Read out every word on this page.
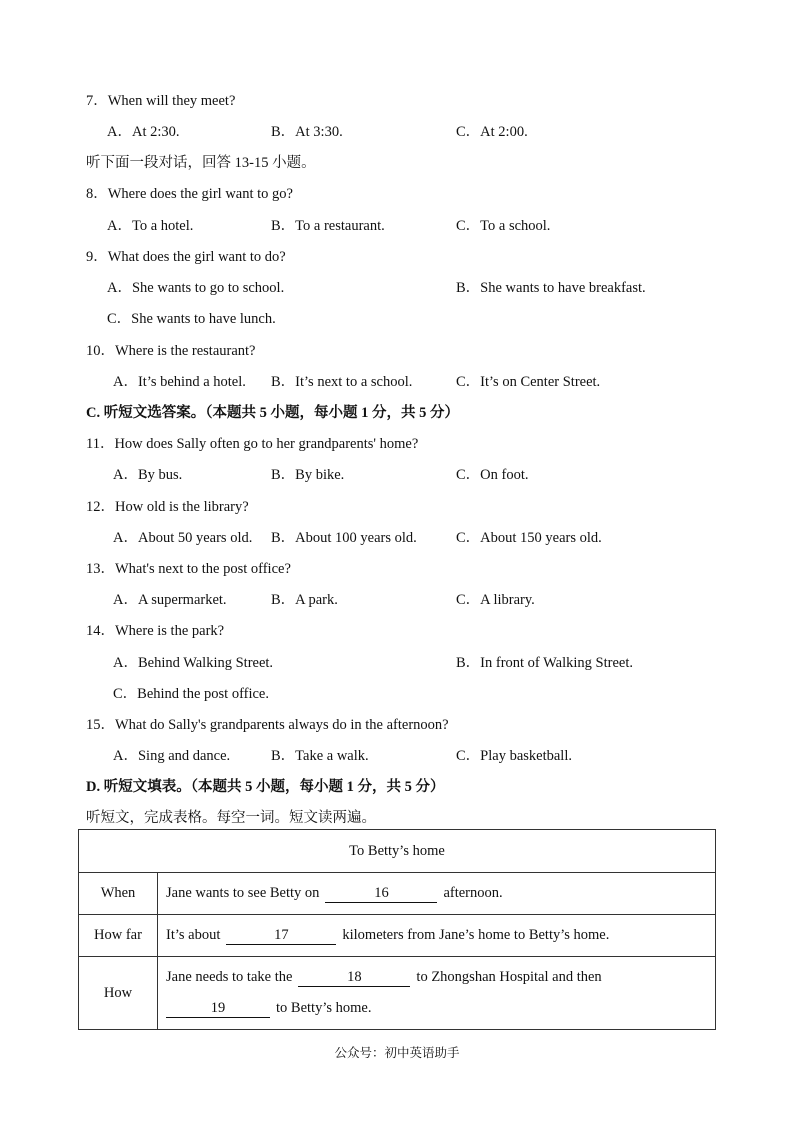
7．When will they meet?
A．At 2:30.	B．At 3:30.	C．At 2:00.
听下面一段对话，回答 13-15 小题。
8．Where does the girl want to go?
A．To a hotel.	B．To a restaurant.	C．To a school.
9．What does the girl want to do?
A．She wants to go to school.	B．She wants to have breakfast.
C．She wants to have lunch.
10．Where is the restaurant?
A．It’s behind a hotel. B．It’s next to a school.	C．It’s on Center Street.
C. 听短文选答案。（本题共 5 小题，每小题 1 分，共 5 分）
11．How does Sally often go to her grandparents' home?
A．By bus.	B．By bike.	C．On foot.
12．How old is the library?
A．About 50 years old. B．About 100 years old.	C．About 150 years old.
13．What's next to the post office?
A．A supermarket.	B．A park.	C．A library.
14．Where is the park?
A．Behind Walking Street.	B．In front of Walking Street.
C．Behind the post office.
15．What do Sally's grandparents always do in the afternoon?
A．Sing and dance.	B．Take a walk.	C．Play basketball.
D. 听短文填表。（本题共 5 小题，每小题 1 分，共 5 分）
听短文，完成表格。每空一词。短文读两遍。
To Betty’s home	
When	Jane wants to see Betty on 16 afternoon.
How far	It’s about 17 kilometers from Jane’s home to Betty’s home.
How	Jane needs to take the 18 to Zhongshan Hospital and then
19 to Betty’s home.
公众号：初中英语助手
